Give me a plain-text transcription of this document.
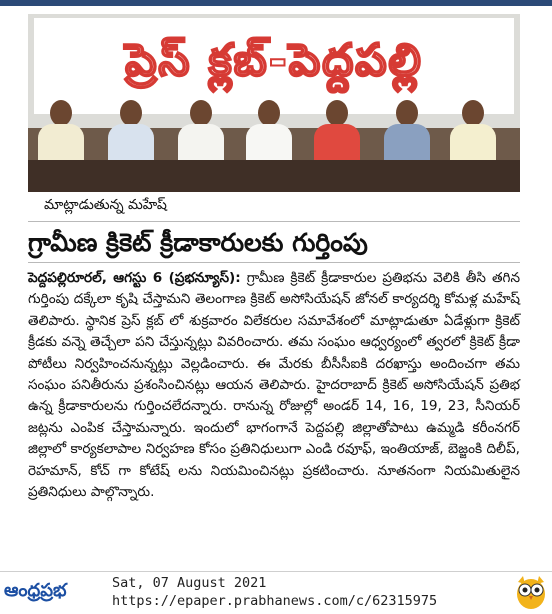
ప్రెస్ క్లబ్-పెద్దపల్లి
మాట్లాడుతున్న మహేష్
గ్రామీణ క్రికెట్ క్రీడాకారులకు గుర్తింపు
పెద్దపల్లిరూరల్, ఆగస్టు 6 (ప్రభన్యూస్): గ్రామీణ క్రికెట్ క్రీడాకారుల ప్రతిభను వెలికి తీసి తగిన గుర్తింపు దక్కేలా కృషి చేస్తామని తెలంగాణ క్రికెట్ అసోసియేషన్ జోనల్ కార్యదర్శి కోమళ్ల మహేష్ తెలిపారు. స్థానిక ప్రెస్ క్లబ్ లో శుక్రవారం విలేకరుల సమావేశంలో మాట్లాడుతూ ఏడేళ్లుగా క్రికెట్ క్రీడకు వన్నె తెచ్చేలా పని చేస్తున్నట్లు వివరించారు. తమ సంఘం ఆధ్వర్యంలో త్వరలో క్రికెట్ క్రీడా పోటీలు నిర్వహించనున్నట్లు వెల్లడించారు. ఈ మేరకు బీసీసీఐకి దరఖాస్తు అందించగా తమ సంఘం పనితీరును ప్రశంసించినట్లు ఆయన తెలిపారు. హైదరాబాద్ క్రికెట్ అసోసియేషన్ ప్రతిభ ఉన్న క్రీడాకారులను గుర్తించలేదన్నారు. రానున్న రోజుల్లో అండర్ 14, 16, 19, 23, సీనియర్ జట్లను ఎంపిక చేస్తామన్నారు. ఇందులో భాగంగానే పెద్దపల్లి జిల్లాతోపాటు ఉమ్మడి కరీంనగర్ జిల్లాలో కార్యకలాపాల నిర్వహణ కోసం ప్రతినిధులుగా ఎండి రవూఫ్, ఇంతియాజ్, బెజ్జంకి దిలీప్, రెహమాన్, కోచ్ గా కోటేష్ లను నియమించినట్లు ప్రకటించారు. నూతనంగా నియమితులైన ప్రతినిధులు పాల్గొన్నారు.
ఆంధ్రప్రభ	Sat, 07 August 2021
https://epaper.prabhanews.com/c/62315975
